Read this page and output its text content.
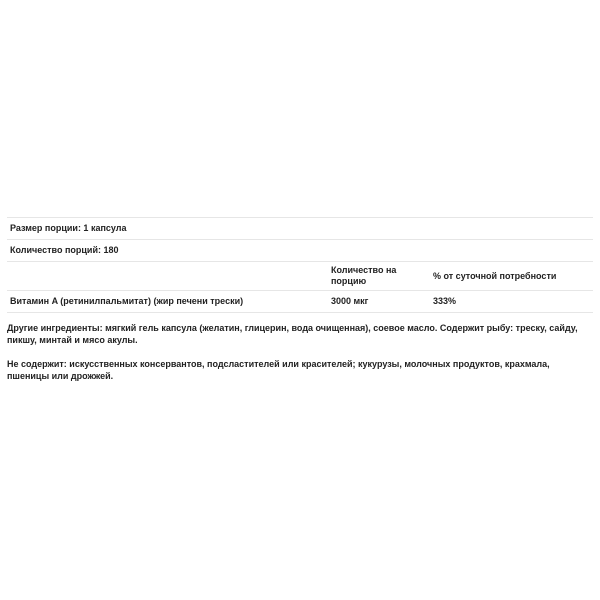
Размер порции: 1 капсула		
Количество порций: 180		
	Количество на порцию	% от суточной потребности
Витамин A (ретинилпальмитат) (жир печени трески)	3000 мкг	333%

Другие ингредиенты: мягкий гель капсула (желатин, глицерин, вода очищенная), соевое масло. Содержит рыбу: треску, сайду, пикшу, минтай и мясо акулы.

Не содержит: искусственных консервантов, подсластителей или красителей; кукурузы, молочных продуктов, крахмала, пшеницы или дрожжей.
